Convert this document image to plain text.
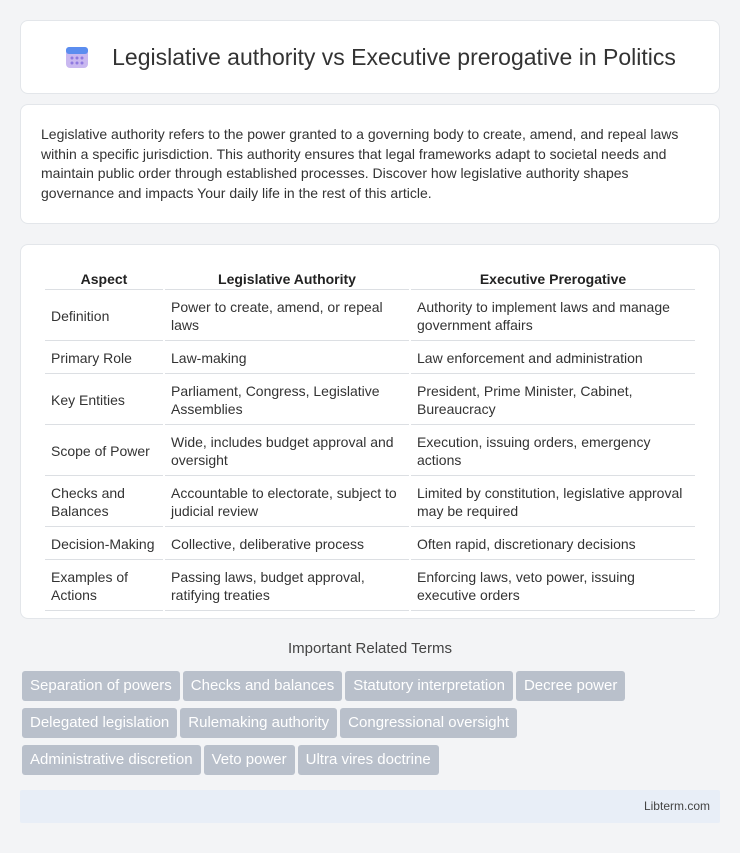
Legislative authority vs Executive prerogative in Politics

Legislative authority refers to the power granted to a governing body to create, amend, and repeal laws within a specific jurisdiction. This authority ensures that legal frameworks adapt to societal needs and maintain public order through established processes. Discover how legislative authority shapes governance and impacts Your daily life in the rest of this article.

Aspect	Legislative Authority	Executive Prerogative
Definition	Power to create, amend, or repeal laws	Authority to implement laws and manage government affairs
Primary Role	Law-making	Law enforcement and administration
Key Entities	Parliament, Congress, Legislative Assemblies	President, Prime Minister, Cabinet, Bureaucracy
Scope of Power	Wide, includes budget approval and oversight	Execution, issuing orders, emergency actions
Checks and Balances	Accountable to electorate, subject to judicial review	Limited by constitution, legislative approval may be required
Decision-Making	Collective, deliberative process	Often rapid, discretionary decisions
Examples of Actions	Passing laws, budget approval, ratifying treaties	Enforcing laws, veto power, issuing executive orders
Important Related Terms
Separation of powers Checks and balances Statutory interpretation Decree power
Delegated legislation Rulemaking authority Congressional oversight
Administrative discretion Veto power Ultra vires doctrine
Libterm.com
